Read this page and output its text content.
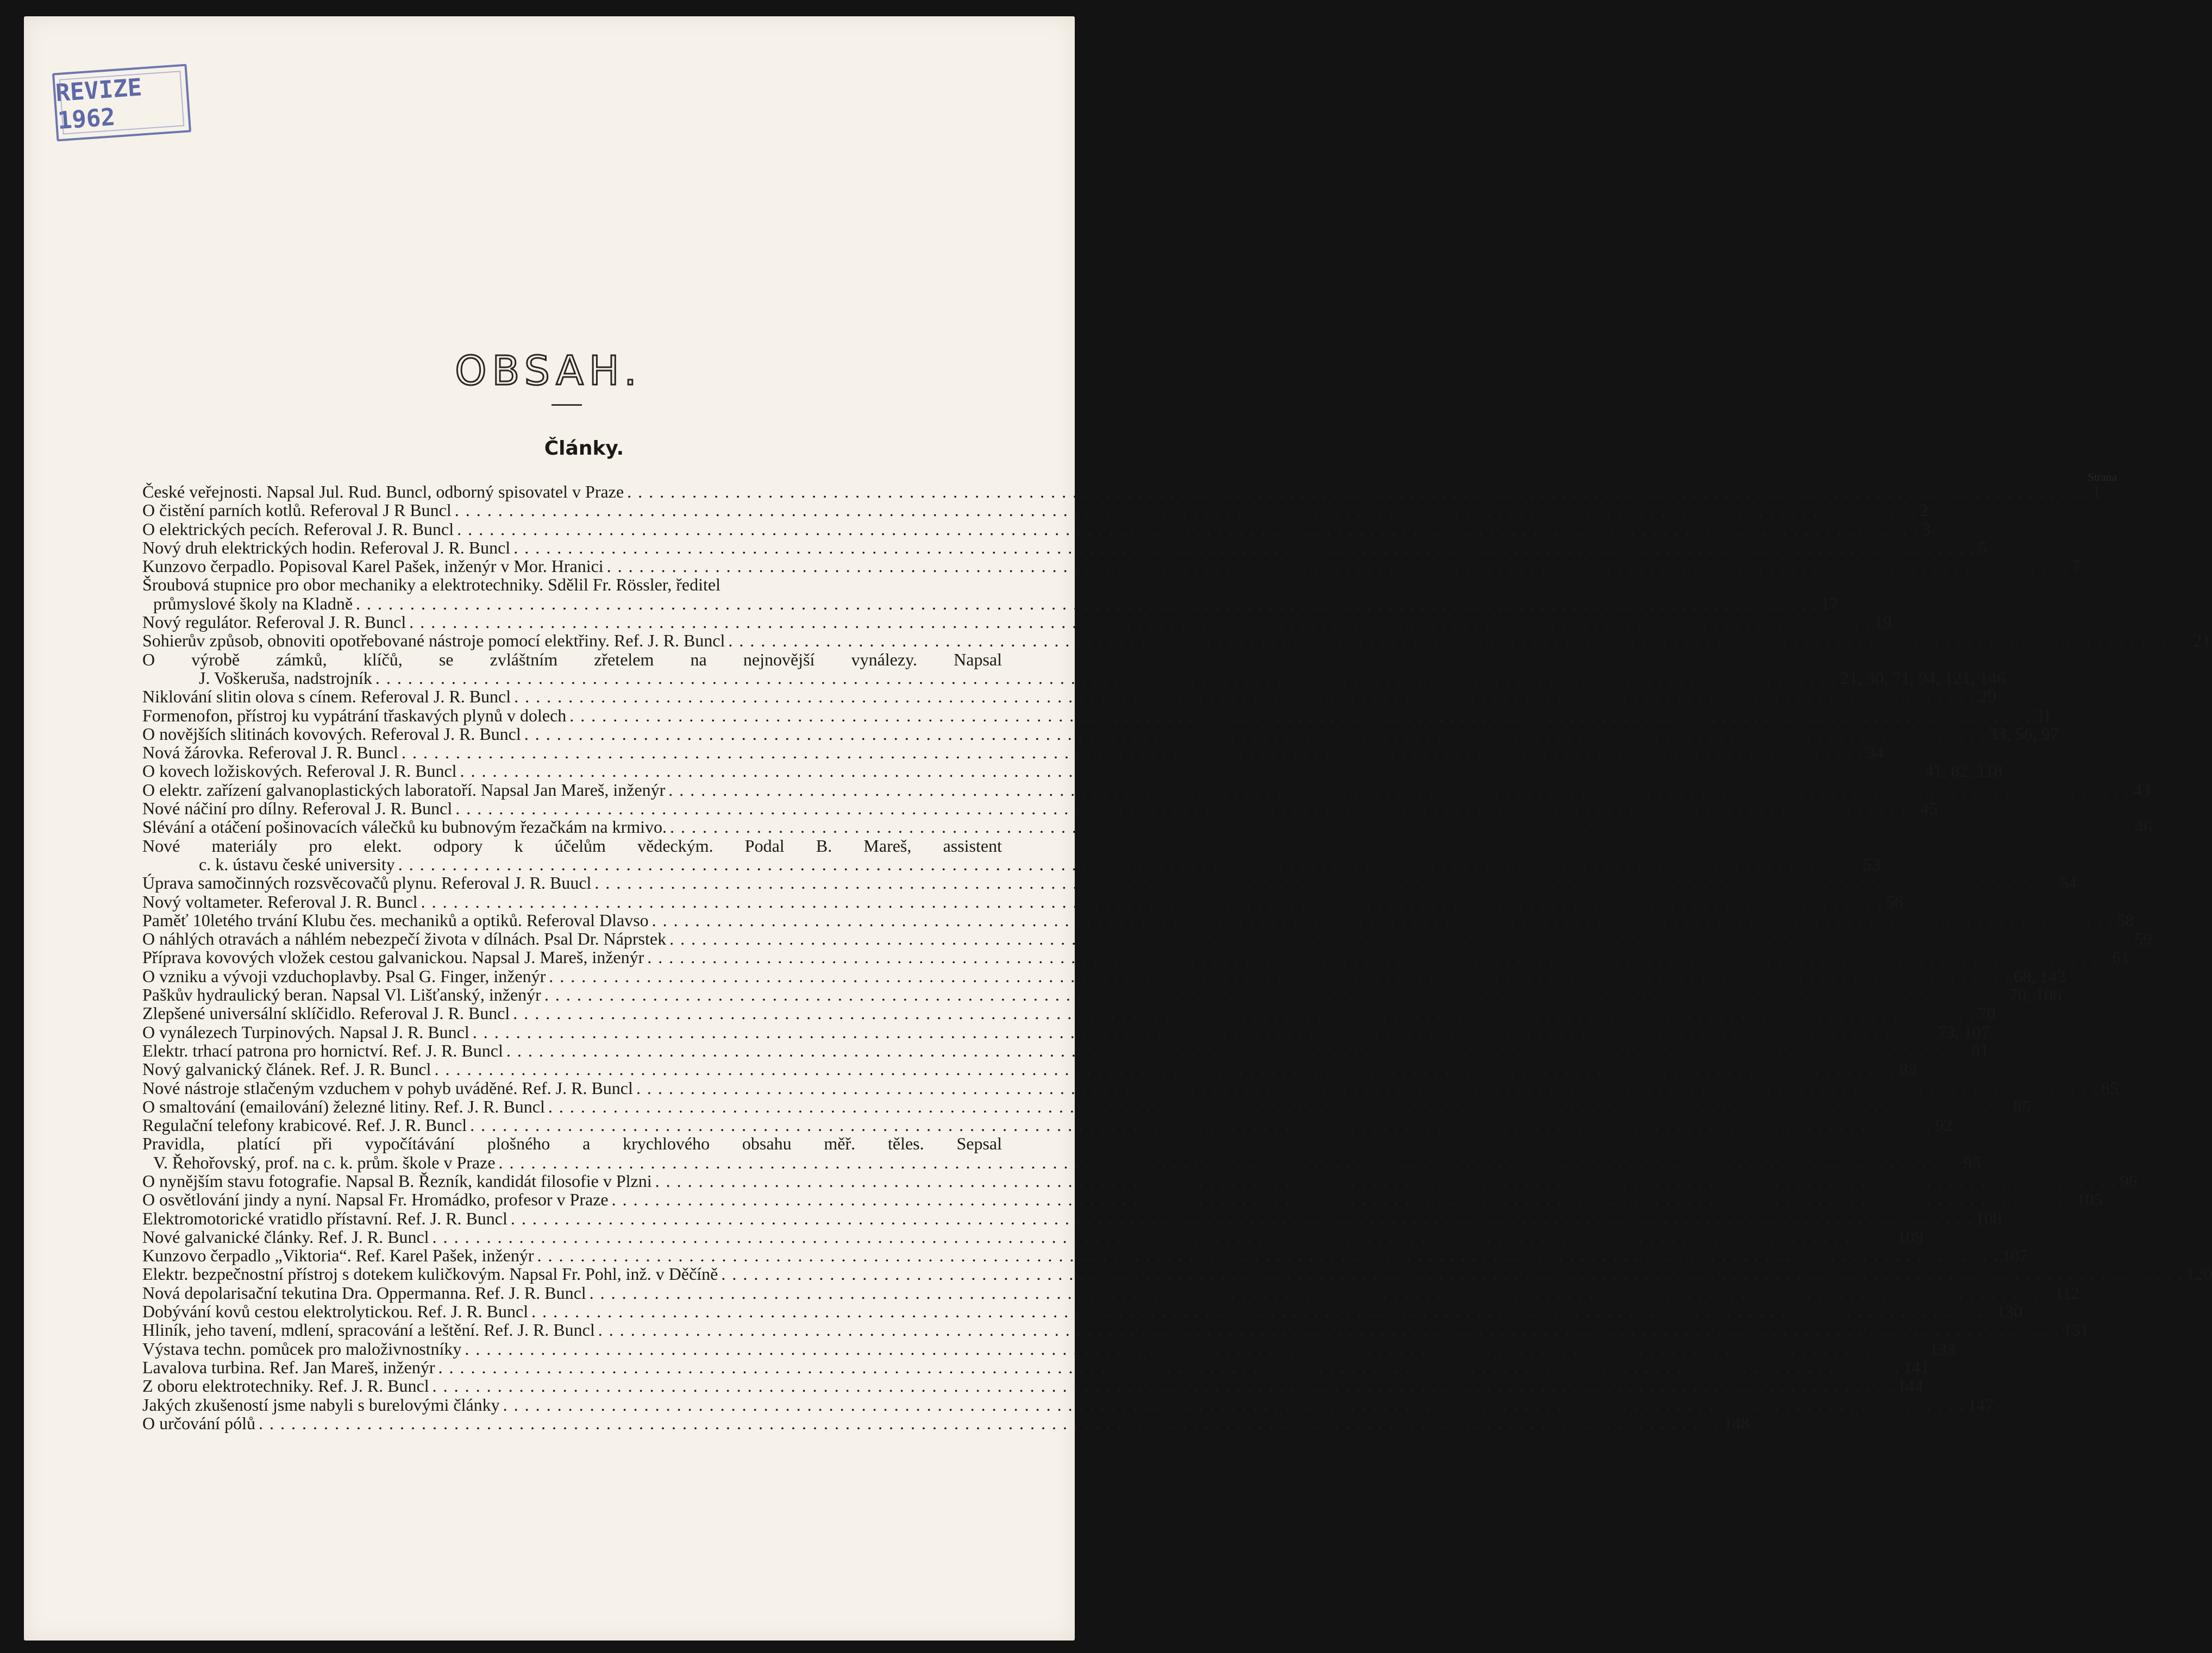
REVIZE 1962
OBSAH.
Články.
Strana
České veřejnosti. Napsal Jul. Rud. Buncl, odborný spisovatel v Praze . . .	1
O čistění parních kotlů. Referoval J R Buncl . . .	2
O elektrických pecích. Referoval J. R. Buncl . . .	3
Nový druh elektrických hodin. Referoval J. R. Buncl . . .	5
Kunzovo čerpadlo. Popisoval Karel Pašek, inženýr v Mor. Hranici . . .	7
Šroubová stupnice pro obor mechaniky a elektrotechniky. Sdělil Fr. Rössler, ředitel
průmyslové školy na Kladně . . .	17
Nový regulátor. Referoval J. R. Buncl . . .	19
Sohierův způsob, obnoviti opotřebované nástroje pomocí elektřiny. Ref. J. R. Buncl . . .	21
O výrobě zámků, klíčů, se zvláštním zřetelem na nejnovější vynálezy. Napsal
J. Voškeruša, nadstrojník . . .	21, 30, 71, 94, 121, 146
Niklování slitin olova s cínem. Referoval J. R. Buncl . . .	29
Formenofon, přístroj ku vypátrání třaskavých plynů v dolech . . .	31
O novějších slitinách kovových. Referoval J. R. Buncl . . .	33, 56, 97
Nová žárovka. Referoval J. R. Buncl . . .	34
O kovech ložiskových. Referoval J. R. Buncl . . .	41, 82, 118
O elektr. zařízení galvanoplastických laboratoří. Napsal Jan Mareš, inženýr . . .	43
Nové náčiní pro dílny. Referoval J. R. Buncl . . .	45
Slévání a otáčení pošinovacích válečků ku bubnovým řezačkám na krmivo. . . .	46
Nové materiály pro elekt. odpory k účelům vědeckým. Podal B. Mareš, assistent
c. k. ústavu české university . . .	53
Úprava samočinných rozsvěcovačů plynu. Referoval J. R. Buucl . . .	54
Nový voltameter. Referoval J. R. Buncl . . .	56
Paměť 10letého trvání Klubu čes. mechaniků a optiků. Referoval Dlavso . . .	58
O náhlých otravách a náhlém nebezpečí života v dílnách. Psal Dr. Náprstek . . .	59
Příprava kovových vložek cestou galvanickou. Napsal J. Mareš, inženýr . . .	61
O vzniku a vývoji vzduchoplavby. Psal G. Finger, inženýr . . .	68, 143
Paškův hydraulický beran. Napsal Vl. Lišťanský, inženýr . . .	70, 106
Zlepšené universální sklíčidlo. Referoval J. R. Buncl . . .	70
O vynálezech Turpinových. Napsal J. R. Buncl . . .	73, 107
Elektr. trhací patrona pro hornictví. Ref. J. R. Buncl . . .	81
Nový galvanický článek. Ref. J. R. Buncl . . .	83
Nové nástroje stlačeným vzduchem v pohyb uváděné. Ref. J. R. Buncl . . .	85
O smaltování (emailování) železné litiny. Ref. J. R. Buncl . . .	85
Regulační telefony krabicové. Ref. J. R. Buncl . . .	92
Pravidla, platící při vypočítávání plošného a krychlového obsahu měř. těles. Sepsal
V. Řehořovský, prof. na c. k. prům. škole v Praze . . .	95
O nynějším stavu fotografie. Napsal B. Řezník, kandidát filosofie v Plzni . . .	96
O osvětlování jindy a nyní. Napsal Fr. Hromádko, profesor v Praze . . .	105
Elektromotorické vratidlo přístavní. Ref. J. R. Buncl . . .	108
Nové galvanické články. Ref. J. R. Buncl . . .	109
Kunzovo čerpadlo „Viktoria“. Ref. Karel Pašek, inženýr . . .	107
Elektr. bezpečnostní přístroj s dotekem kuličkovým. Napsal Fr. Pohl, inž. v Děčíně . . .	120
Nová depolarisační tekutina Dra. Oppermanna. Ref. J. R. Buncl . . .	112
Dobývání kovů cestou elektrolytickou. Ref. J. R. Buncl . . .	130
Hliník, jeho tavení, mdlení, spracování a leštění. Ref. J. R. Buncl . . .	131
Výstava techn. pomůcek pro maloživnostníky . . .	133
Lavalova turbina. Ref. Jan Mareš, inženýr . . .	141
Z oboru elektrotechniky. Ref. J. R. Buncl . . .	144
Jakých zkušeností jsme nabyli s burelovými články . . .	147
O určování pólů . . .	148
